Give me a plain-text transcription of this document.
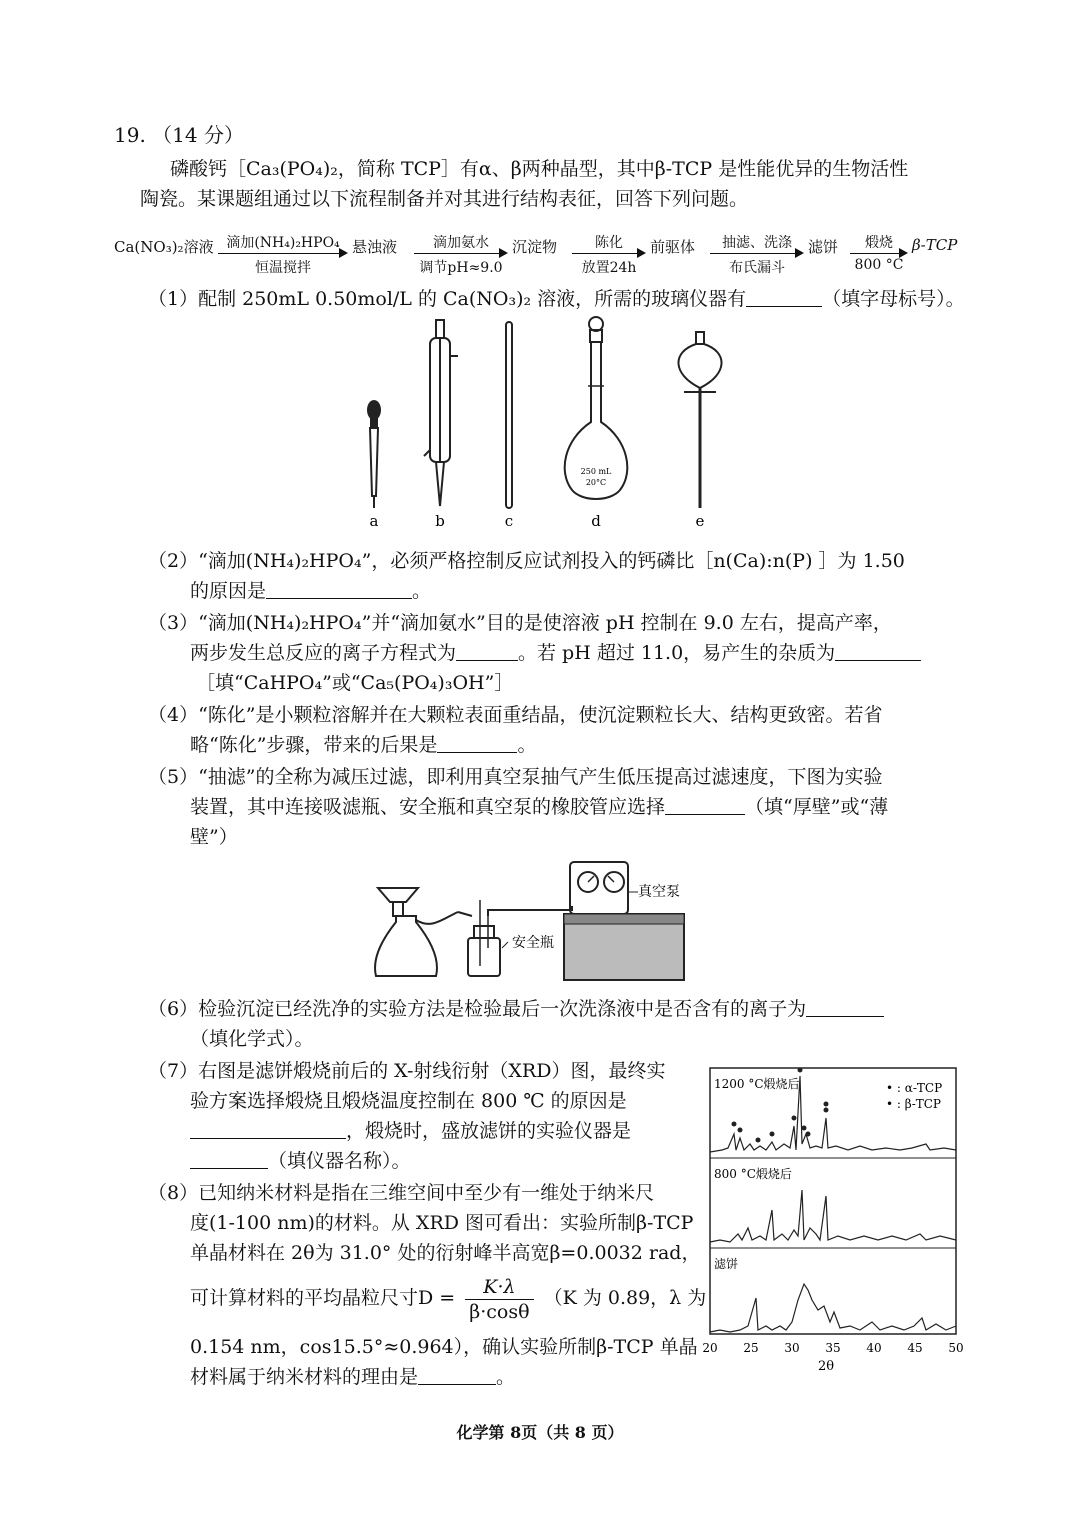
19. （14 分）
磷酸钙［Ca₃(PO₄)₂，简称 TCP］有α、β两种晶型，其中β-TCP 是性能优异的生物活性
陶瓷。某课题组通过以下流程制备并对其进行结构表征，回答下列问题。
Ca(NO₃)₂溶液 滴加(NH₄)₂HPO₄
恒温搅拌
悬浊液	滴加氨水
调节pH≈9.0
沉淀物	陈化
放置24h
前驱体	抽滤、洗涤
布氏漏斗
滤饼	煅烧
800 °C
β-TCP
（1）配制 250mL 0.50mol/L 的 Ca(NO₃)₂ 溶液，所需的玻璃仪器有	（填字母标号）。
250 mL
20°C
a	b	c	d	e
（2）“滴加(NH₄)₂HPO₄”，必须严格控制反应试剂投入的钙磷比［n(Ca):n(P) ］为 1.50
的原因是	。
（3）“滴加(NH₄)₂HPO₄”并“滴加氨水”目的是使溶液 pH 控制在 9.0 左右，提高产率，
两步发生总反应的离子方程式为	。若 pH 超过 11.0，易产生的杂质为
［填“CaHPO₄”或“Ca₅(PO₄)₃OH”］
（4）“陈化”是小颗粒溶解并在大颗粒表面重结晶，使沉淀颗粒长大、结构更致密。若省
略“陈化”步骤，带来的后果是	。
（5）“抽滤”的全称为减压过滤，即利用真空泵抽气产生低压提高过滤速度，下图为实验
装置，其中连接吸滤瓶、安全瓶和真空泵的橡胶管应选择	（填“厚壁”或“薄
壁”）
安全瓶
真空泵
（6）检验沉淀已经洗净的实验方法是检验最后一次洗涤液中是否含有的离子为
（填化学式）。
（7）右图是滤饼煅烧前后的 X-射线衍射（XRD）图，最终实
验方案选择煅烧且煅烧温度控制在 800 ℃ 的原因是
，煅烧时，盛放滤饼的实验仪器是
（填仪器名称）。
（8）已知纳米材料是指在三维空间中至少有一维处于纳米尺
度(1-100 nm)的材料。从 XRD 图可看出：实验所制β-TCP
单晶材料在 2θ为 31.0° 处的衍射峰半高宽β=0.0032 rad，
可计算材料的平均晶粒尺寸$D = \frac{K\cdot\lambda}{\beta\cdot\cos\theta} (K$ 为 0.89，λ 为
0.154 nm，cos15.5°≈0.964），确认实验所制β-TCP 单晶
材料属于纳米材料的理由是	。
1200 °C煅烧后
800 °C煅烧后
滤饼
• : α-TCP
• : β-TCP
20 25 30 35 40 45 50
2θ
化学第 8页（共 8 页）
